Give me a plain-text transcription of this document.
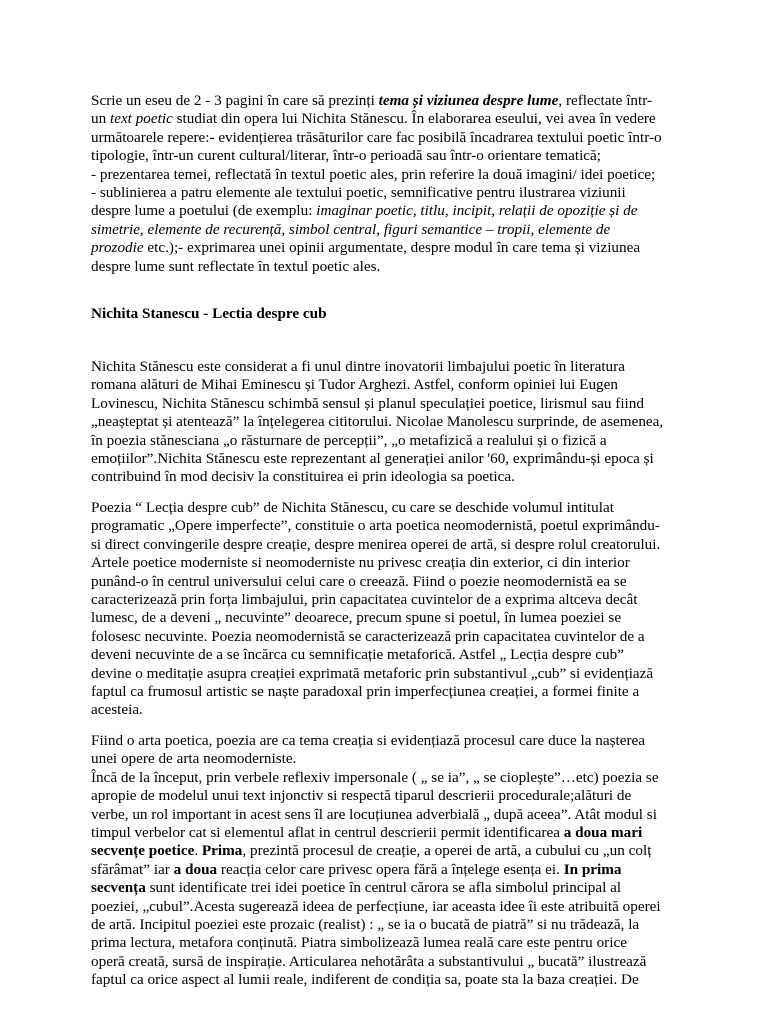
Scrie un eseu de 2 - 3 pagini în care să prezinți tema și viziunea despre lume, reflectate într-
un text poetic studiat din opera lui Nichita Stănescu. În elaborarea eseului, vei avea în vedere
următoarele repere:- evidențierea trăsăturilor care fac posibilă încadrarea textului poetic într-o
tipologie, într-un curent cultural/literar, într-o perioadă sau într-o orientare tematică;
- prezentarea temei, reflectată în textul poetic ales, prin referire la două imagini/ idei poetice;
- sublinierea a patru elemente ale textului poetic, semnificative pentru ilustrarea viziunii
despre lume a poetului (de exemplu: imaginar poetic, titlu, incipit, relații de opoziție și de
simetrie, elemente de recurență, simbol central, figuri semantice – tropii, elemente de
prozodie etc.);- exprimarea unei opinii argumentate, despre modul în care tema și viziunea
despre lume sunt reflectate în textul poetic ales.
Nichita Stanescu - Lectia despre cub
Nichita Stănescu este considerat a fi unul dintre inovatorii limbajului poetic în literatura
romana alături de Mihai Eminescu și Tudor Arghezi. Astfel, conform opiniei lui Eugen
Lovinescu, Nichita Stănescu schimbă sensul și planul speculației poetice, lirismul sau fiind
„neașteptat și atentează” la înțelegerea cititorului. Nicolae Manolescu surprinde, de asemenea,
în poezia stănesciana „o răsturnare de percepții”, „o metafizică a realului și o fizică a
emoțiilor”.Nichita Stănescu este reprezentant al generației anilor '60, exprimându-și epoca și
contribuind în mod decisiv la constituirea ei prin ideologia sa poetica.
Poezia “ Lecția despre cub” de Nichita Stănescu, cu care se deschide volumul intitulat
programatic „Opere imperfecte”, constituie o arta poetica neomodernistă, poetul exprimându-
si direct convingerile despre creație, despre menirea operei de artă, si despre rolul creatorului.
Artele poetice moderniste si neomoderniste nu privesc creația din exterior, ci din interior
punând-o în centrul universului celui care o creează. Fiind o poezie neomodernistă ea se
caracterizează prin forța limbajului, prin capacitatea cuvintelor de a exprima altceva decât
lumesc, de a deveni „ necuvinte” deoarece, precum spune si poetul, în lumea poeziei se
folosesc necuvinte. Poezia neomodernistă se caracterizează prin capacitatea cuvintelor de a
deveni necuvinte de a se încărca cu semnificație metaforică. Astfel „ Lecția despre cub”
devine o meditație asupra creației exprimată metaforic prin substantivul „cub” si evidențiază
faptul ca frumosul artistic se naște paradoxal prin imperfecțiunea creației, a formei finite a
acesteia.
Fiind o arta poetica, poezia are ca tema creația si evidențiază procesul care duce la nașterea
unei opere de arta neomoderniste.
Încă de la început, prin verbele reflexiv impersonale ( „ se ia”, „ se cioplește”…etc) poezia se
apropie de modelul unui text injonctiv si respectă tiparul descrierii procedurale;alături de
verbe, un rol important in acest sens îl are locuțiunea adverbială „ după aceea”. Atât modul si
timpul verbelor cat si elementul aflat in centrul descrierii permit identificarea a doua mari
secvențe poetice. Prima, prezintă procesul de creație, a operei de artă, a cubului cu „un colț
sfărâmat” iar a doua reacția celor care privesc opera fără a înțelege esența ei. In prima
secvența sunt identificate trei idei poetice în centrul cărora se afla simbolul principal al
poeziei, „cubul”.Acesta sugerează ideea de perfecțiune, iar aceasta idee îi este atribuită operei
de artă. Incipitul poeziei este prozaic (realist) : „ se ia o bucată de piatră” si nu trădează, la
prima lectura, metafora conținută. Piatra simbolizează lumea reală care este pentru orice
operă creată, sursă de inspirație. Articularea nehotărâta a substantivului „ bucată” ilustrează
faptul ca orice aspect al lumii reale, indiferent de condiția sa, poate sta la baza creației. De
